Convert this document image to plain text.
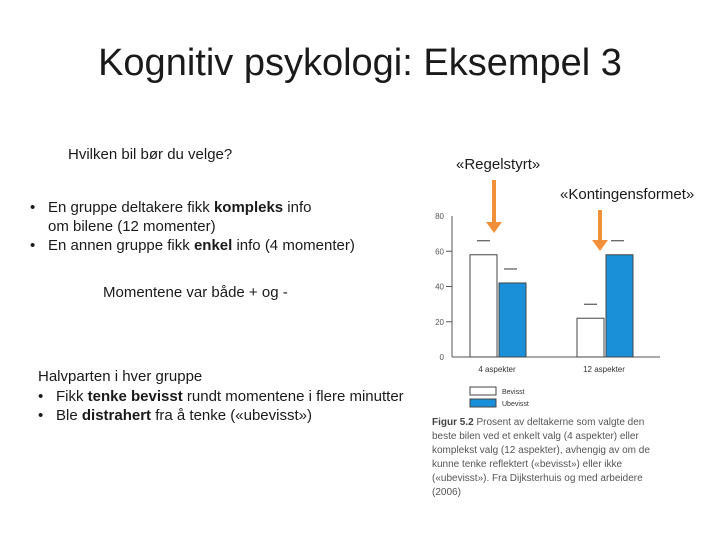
Kognitiv psykologi: Eksempel 3
Hvilken bil bør du velge?
• En gruppe deltakere fikk kompleks info
om bilene (12 momenter)
• En annen gruppe fikk enkel info (4 momenter)
Momentene var både + og -
Halvparten i hver gruppe
• Fikk tenke bevisst rundt momentene i flere minutter
• Ble distrahert fra å tenke («ubevisst»)
«Regelstyrt»
«Kontingensformet»
0
20
40
60
80
4 aspekter	12 aspekter
Bevisst
Ubevisst
Figur 5.2 Prosent av deltakerne som valgte den beste bilen ved et enkelt valg (4 aspekter) eller komplekst valg (12 aspekter), avhengig av om de kunne tenke reflektert («bevisst») eller ikke («ubevisst»). Fra Dijksterhuis og med arbeidere (2006)
